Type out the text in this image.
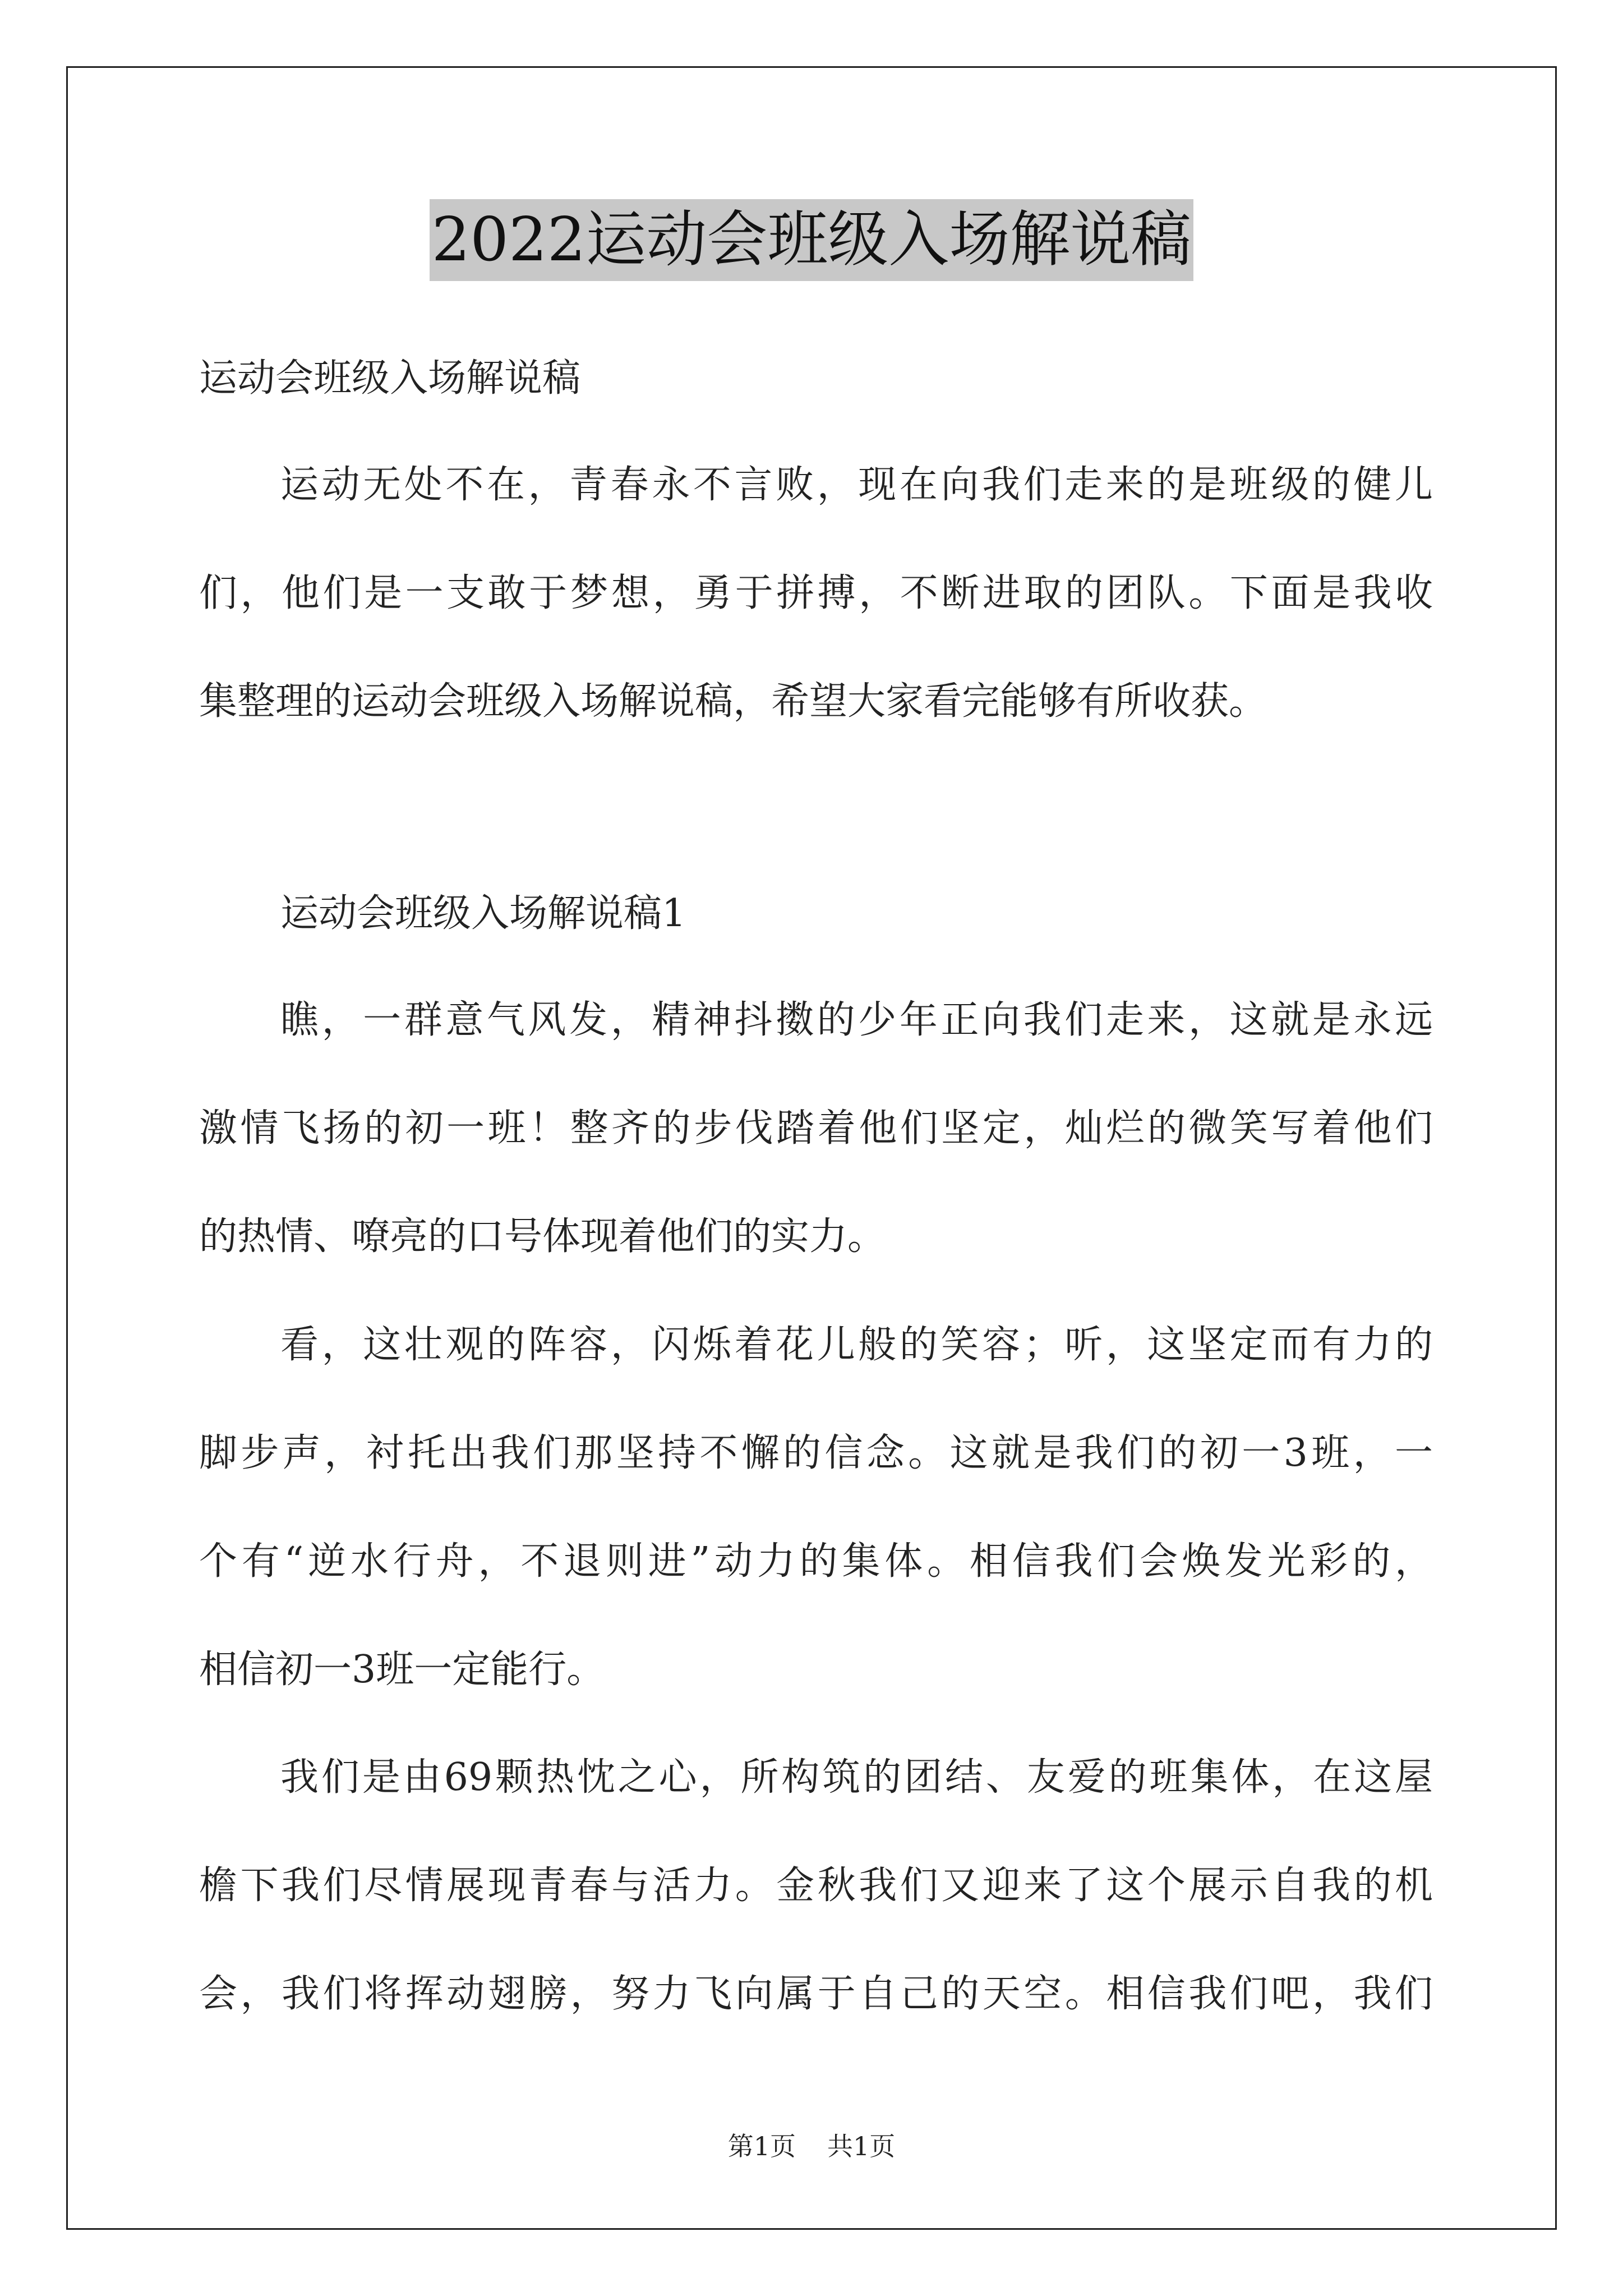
2022运动会班级入场解说稿
运动会班级入场解说稿
运动无处不在，青春永不言败，现在向我们走来的是班级的健儿
们，他们是一支敢于梦想，勇于拼搏，不断进取的团队。下面是我收
集整理的运动会班级入场解说稿，希望大家看完能够有所收获。
运动会班级入场解说稿1
瞧，一群意气风发，精神抖擞的少年正向我们走来，这就是永远
激情飞扬的初一班！整齐的步伐踏着他们坚定，灿烂的微笑写着他们
的热情、嘹亮的口号体现着他们的实力。
看，这壮观的阵容，闪烁着花儿般的笑容；听，这坚定而有力的
脚步声，衬托出我们那坚持不懈的信念。这就是我们的初一3班，一
个有“逆水行舟，不退则进”动力的集体。相信我们会焕发光彩的，
相信初一3班一定能行。
我们是由69颗热忱之心，所构筑的团结、友爱的班集体，在这屋
檐下我们尽情展现青春与活力。金秋我们又迎来了这个展示自我的机
会，我们将挥动翅膀，努力飞向属于自己的天空。相信我们吧，我们
第1页 共1页
